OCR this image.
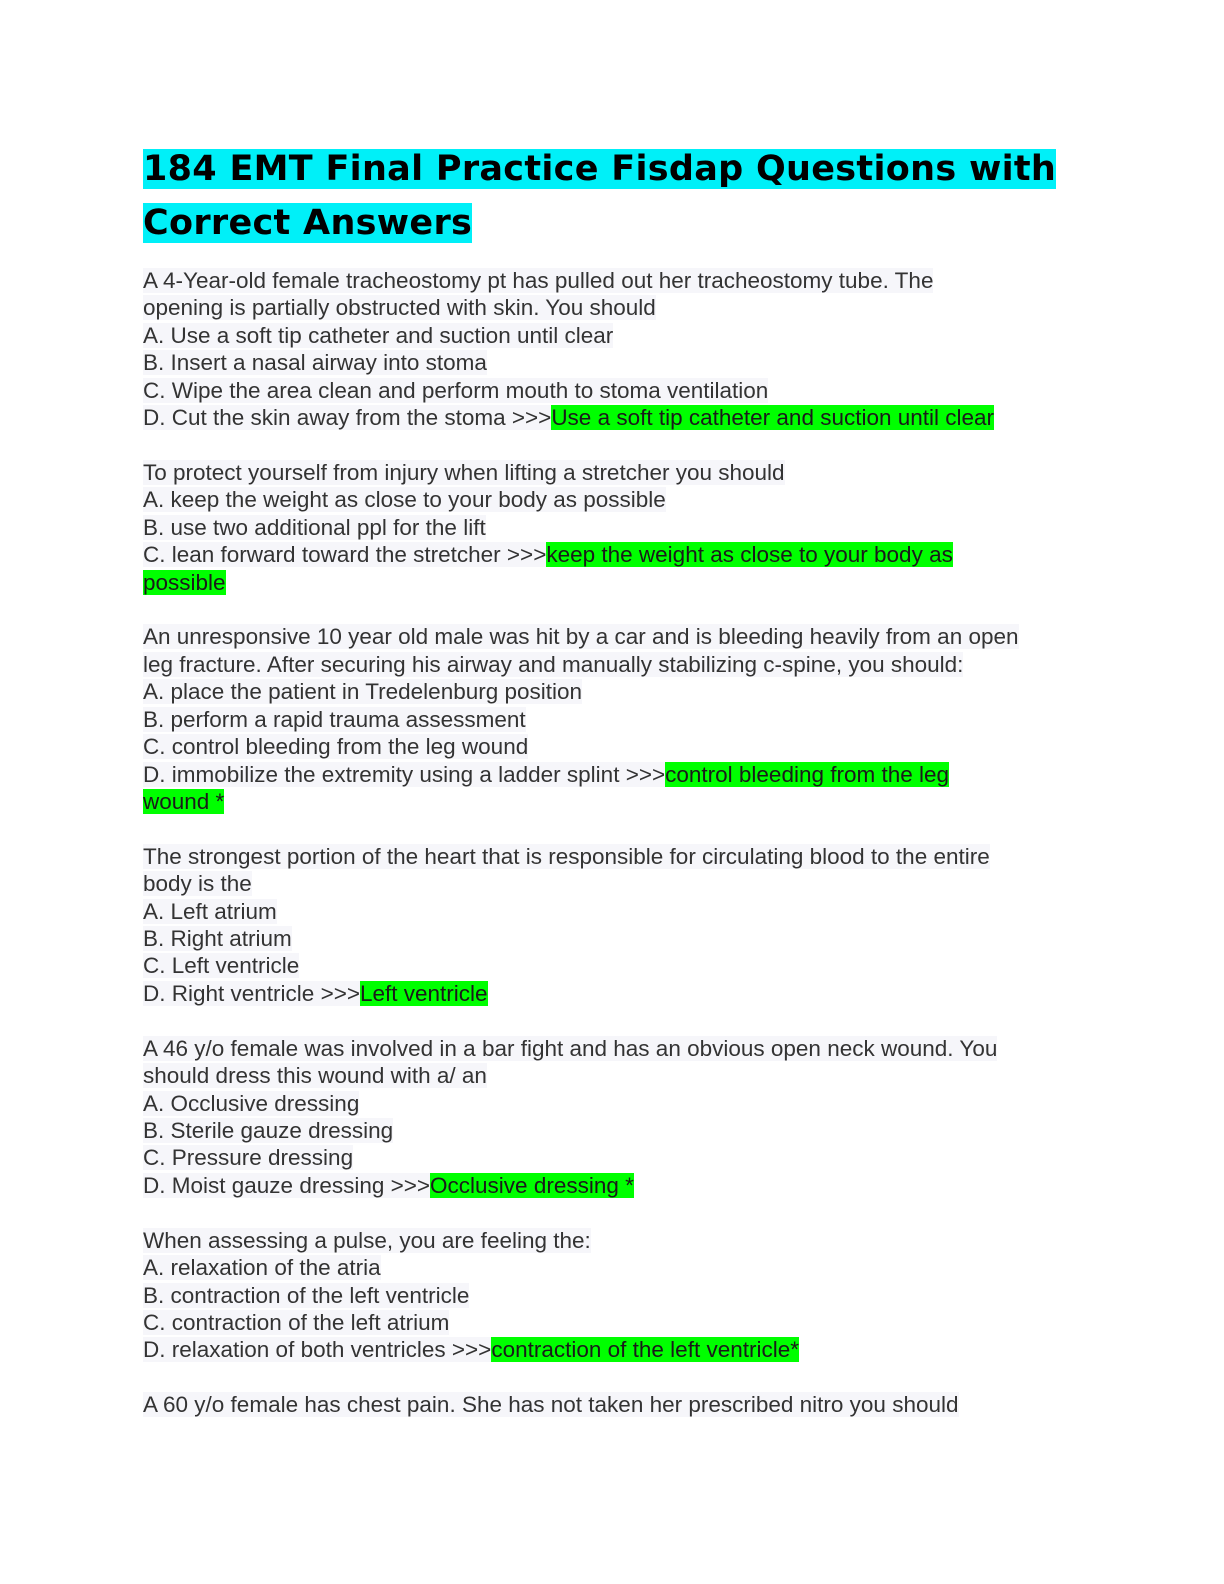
184 EMT Final Practice Fisdap Questions with Correct Answers
A 4-Year-old female tracheostomy pt has pulled out her tracheostomy tube. The
opening is partially obstructed with skin. You should
A. Use a soft tip catheter and suction until clear
B. Insert a nasal airway into stoma
C. Wipe the area clean and perform mouth to stoma ventilation
D. Cut the skin away from the stoma >>>Use a soft tip catheter and suction until clear
To protect yourself from injury when lifting a stretcher you should
A. keep the weight as close to your body as possible
B. use two additional ppl for the lift
C. lean forward toward the stretcher >>>keep the weight as close to your body as possible
An unresponsive 10 year old male was hit by a car and is bleeding heavily from an open
leg fracture. After securing his airway and manually stabilizing c-spine, you should:
A. place the patient in Tredelenburg position
B. perform a rapid trauma assessment
C. control bleeding from the leg wound
D. immobilize the extremity using a ladder splint >>>control bleeding from the leg wound *
The strongest portion of the heart that is responsible for circulating blood to the entire
body is the
A. Left atrium
B. Right atrium
C. Left ventricle
D. Right ventricle >>>Left ventricle
A 46 y/o female was involved in a bar fight and has an obvious open neck wound. You
should dress this wound with a/ an
A. Occlusive dressing
B. Sterile gauze dressing
C. Pressure dressing
D. Moist gauze dressing >>>Occlusive dressing *
When assessing a pulse, you are feeling the:
A. relaxation of the atria
B. contraction of the left ventricle
C. contraction of the left atrium
D. relaxation of both ventricles >>>contraction of the left ventricle*
A 60 y/o female has chest pain. She has not taken her prescribed nitro you should
